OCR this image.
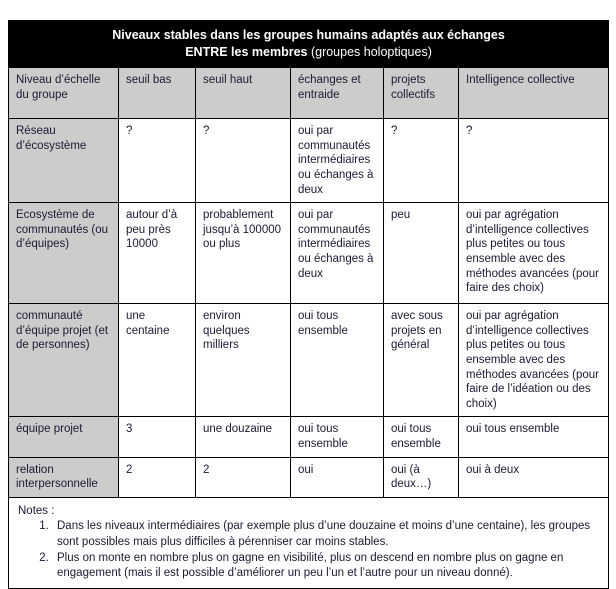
Niveaux stables dans les groupes humains adaptés aux échanges
ENTRE les membres (groupes holoptiques)					

Niveau d’échelle du groupe	seuil bas	seuil haut	échanges et entraide	projets collectifs	Intelligence collective
Réseau d’écosystème	?	?	oui par communautés intermédiaires ou échanges à deux	?	?
Ecosystème de communautés (ou d’équipes)	autour d’à peu près 10000	probablement jusqu’à 100000 ou plus	oui par communautés intermédiaires ou échanges à deux	peu	oui par agrégation d’intelligence collectives plus petites ou tous ensemble avec des méthodes avancées (pour faire des choix)
communauté d’équipe projet (et de personnes)	une centaine	environ quelques milliers	oui tous ensemble	avec sous projets en général	oui par agrégation d’intelligence collectives plus petites ou tous ensemble avec des méthodes avancées (pour faire de l’idéation ou des choix)
équipe projet	3	une douzaine	oui tous ensemble	oui tous ensemble	oui tous ensemble
relation interpersonnelle	2	2	oui	oui (à deux…)	oui à deux

Notes :
1. Dans les niveaux intermédiaires (par exemple plus d’une douzaine et moins d’une centaine), les groupes sont possibles mais plus difficiles à pérenniser car moins stables.
2. Plus on monte en nombre plus on gagne en visibilité, plus on descend en nombre plus on gagne en engagement (mais il est possible d’améliorer un peu l’un et l’autre pour un niveau donné).
